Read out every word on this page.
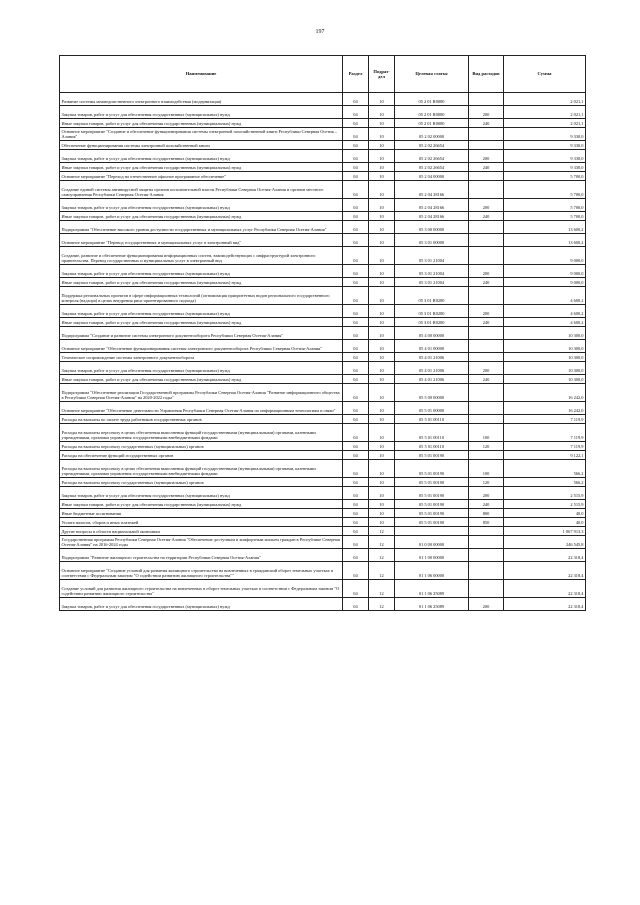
197
Наименование	Раздел	Подраз-дел	Целевая статья	Вид расходов	Сумма
Развитие системы межведомственного электронного взаимодействия (модернизация)	04	10	05 2 01 R0080		2 021,1
Закупка товаров, работ и услуг для обеспечения государственных (муниципальных) нужд	04	10	05 2 01 R0080	200	2 021,1
Иные закупки товаров, работ и услуг для обеспечения государственных (муниципальных) нужд	04	10	05 2 01 R0080	240	2 021,1
Основное мероприятие "Создание и обеспечение функционирования системы электронной похозяйственной книги Республики Северная Осетия – Алания"	04	10	05 2 02 00000		9 330,0
Обеспечение функционирования системы электронной похозяйственной книги	04	10	05 2 02 26654		9 330,0
Закупка товаров, работ и услуг для обеспечения государственных (муниципальных) нужд	04	10	05 2 02 26654	200	9 330,0
Иные закупки товаров, работ и услуг для обеспечения государственных (муниципальных) нужд	04	10	05 2 02 26654	240	9 330,0
Основное мероприятие "Переход на отечественное офисное программное обеспечение"	04	10	05 2 04 00000		5 700,0
Создание единой системы антивирусной защиты органов исполнительной власти Республики Северная Осетия-Алания и органов местного самоуправления Республики Северная Осетия-Алания	04	10	05 2 04 28166		5 700,0
Закупка товаров, работ и услуг для обеспечения государственных (муниципальных) нужд	04	10	05 2 04 28166	200	5 700,0
Иные закупки товаров, работ и услуг для обеспечения государственных (муниципальных) нужд	04	10	05 2 04 28166	240	5 700,0
Подпрограмма "Обеспечение высокого уровня доступности государственных и муниципальных услуг Республики Северная Осетия-Алания"	04	10	05 3 00 00000		13 600,2
Основное мероприятие "Перевод государственных и муниципальных услуг в электронный вид"	04	10	05 3 01 00000		13 600,2
Создание, развитие и обеспечение функционирования информационных систем, взаимодействующих с инфраструктурой электронного правительства. Перевод государственных и муниципальных услуг в электронный вид	04	10	05 3 01 21004		9 000,0
Закупка товаров, работ и услуг для обеспечения государственных (муниципальных) нужд	04	10	05 3 01 21004	200	9 000,0
Иные закупки товаров, работ и услуг для обеспечения государственных (муниципальных) нужд	04	10	05 3 01 21004	240	9 000,0
Поддержка региональных проектов в сфере информационных технологий (оптимизация приоритетных видов регионального государственного контроля (надзора) в целях внедрения риск-ориентированного подхода)	04	10	05 3 01 R0280		4 600,2
Закупка товаров, работ и услуг для обеспечения государственных (муниципальных) нужд	04	10	05 3 01 R0280	200	4 600,2
Иные закупки товаров, работ и услуг для обеспечения государственных (муниципальных) нужд	04	10	05 3 01 R0280	240	4 600,2
Подпрограмма "Создание и развитие системы электронного документооборота Республики Северная Осетия-Алания"	04	10	05 4 00 00000		10 300,0
Основное мероприятие "Обеспечение функционирования системы электронного документооборота Республики Северная Осетия-Алания"	04	10	05 4 01 00000		10 300,0
Техническое сопровождение системы электронного документооборота	04	10	05 4 01 21006		10 300,0
Закупка товаров, работ и услуг для обеспечения государственных (муниципальных) нужд	04	10	05 4 01 21006	200	10 300,0
Иные закупки товаров, работ и услуг для обеспечения государственных (муниципальных) нужд	04	10	05 4 01 21006	240	10 300,0
Подпрограмма "Обеспечение реализации Государственной программы Республики Северная Осетия-Алания "Развитие информационного общества в Республике Северная Осетия-Алания" на 2020-2022 годы"	04	10	05 5 00 00000		16 242,0
Основное мероприятие "Обеспечение деятельности Управления Республики Северная Осетия-Алания по информационным технологиям и связи"	04	10	05 5 01 00000		16 242,0
Расходы на выплаты по оплате труда работников государственных органов	04	10	05 5 01 00110		7 119,9
Расходы на выплаты персоналу в целях обеспечения выполнения функций государственными (муниципальными) органами, казенными учреждениями, органами управления государственными внебюджетными фондами	04	10	05 5 01 00110	100	7 119,9
Расходы на выплаты персоналу государственных (муниципальных) органов	04	10	05 5 01 00110	120	7 119,9
Расходы на обеспечение функций государственных органов	04	10	05 5 01 00190		9 122,1
Расходы на выплаты персоналу в целях обеспечения выполнения функций государственными (муниципальными) органами, казенными учреждениями, органами управления государственными внебюджетными фондами	04	10	05 5 01 00190	100	566,2
Расходы на выплаты персоналу государственных (муниципальных) органов	04	10	05 5 01 00190	120	566,2
Закупка товаров, работ и услуг для обеспечения государственных (муниципальных) нужд	04	10	05 5 01 00190	200	2 515,9
Иные закупки товаров, работ и услуг для обеспечения государственных (муниципальных) нужд	04	10	05 5 01 00190	240	2 515,9
Иные бюджетные ассигнования	04	10	05 5 01 00190	800	40,0
Уплата налогов, сборов и иных платежей	04	10	05 5 01 00190	850	40,0
Другие вопросы в области национальной экономики	04	12			1 067 913,3
Государственная программа Республики Северная Осетия-Алания "Обеспечение доступным и комфортным жильем граждан в Республике Северная Осетия-Алания" на 2016-2024 годы	04	12	01 0 00 00000		246 545,8
Подпрограмма "Развитие жилищного строительства на территории Республики Северная Осетия-Алания"	04	12	01 1 00 00000		22 318,4
Основное мероприятие "Создание условий для развития жилищного строительства на вовлеченных в гражданский оборот земельных участках в соответствии с Федеральным законом "О содействии развитию жилищного строительства""	04	12	01 1 06 00000		22 318,4
Создание условий для развития жилищного строительства на вовлеченных в оборот земельных участках в соответствии с Федеральным законом "О содействии развитию жилищного строительства"	04	12	01 1 06 25089		22 318,4
Закупка товаров, работ и услуг для обеспечения государственных (муниципальных) нужд	04	12	01 1 06 25089	200	22 318,4
